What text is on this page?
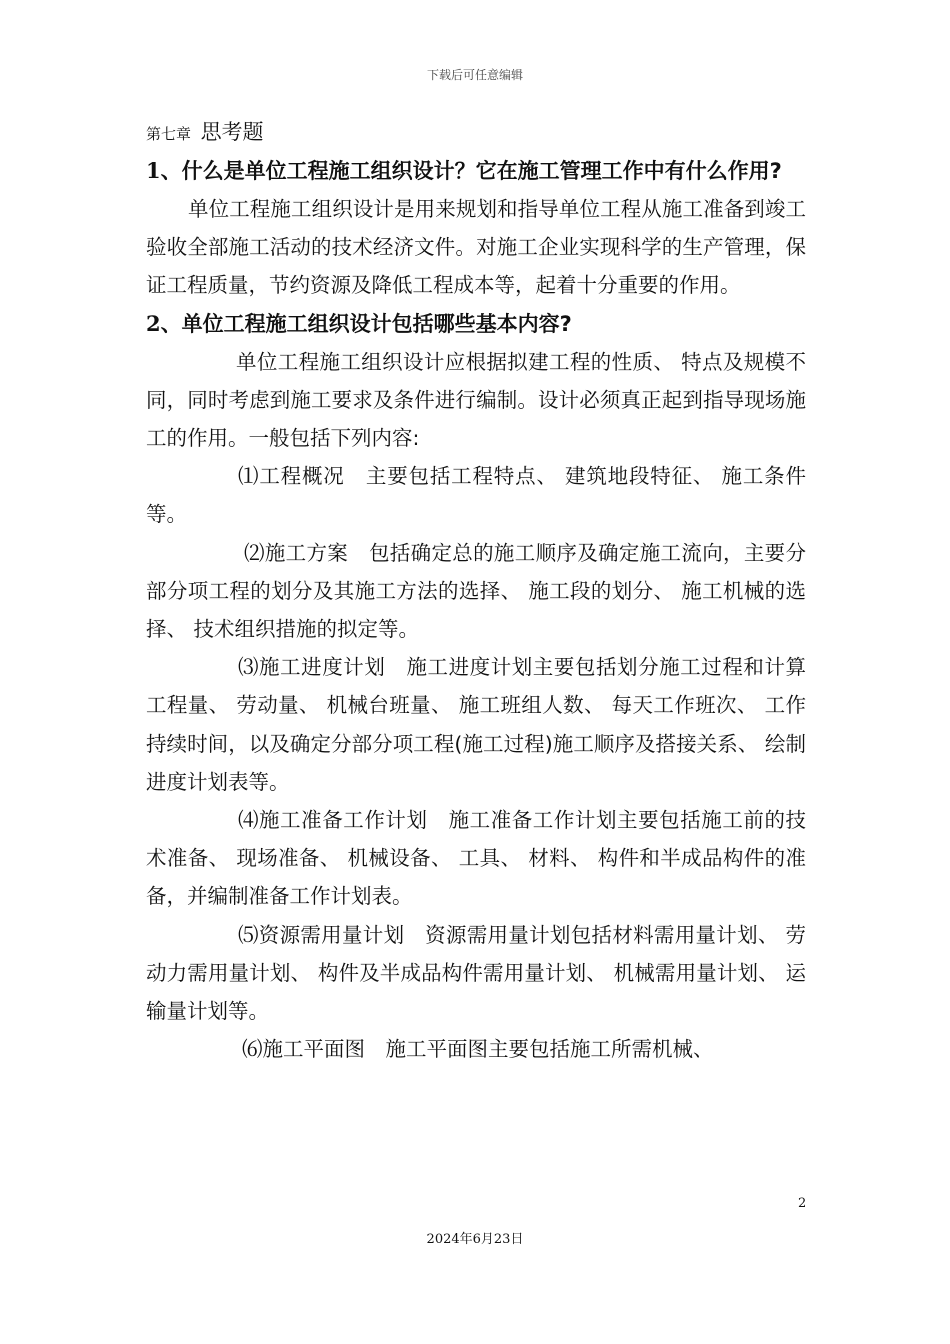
下载后可任意编辑
第七章 思考题

1、什么是单位工程施工组织设计？它在施工管理工作中有什么作用?

单位工程施工组织设计是用来规划和指导单位工程从施工准备到竣工验收全部施工活动的技术经济文件。对施工企业实现科学的生产管理，保证工程质量，节约资源及降低工程成本等，起着十分重要的作用。

2、单位工程施工组织设计包括哪些基本内容?

单位工程施工组织设计应根据拟建工程的性质、 特点及规模不同，同时考虑到施工要求及条件进行编制。设计必须真正起到指导现场施工的作用。一般包括下列内容:

⑴工程概况　主要包括工程特点、 建筑地段特征、 施工条件等。

⑵施工方案　包括确定总的施工顺序及确定施工流向，主要分部分项工程的划分及其施工方法的选择、 施工段的划分、 施工机械的选择、 技术组织措施的拟定等。

⑶施工进度计划　施工进度计划主要包括划分施工过程和计算工程量、 劳动量、 机械台班量、 施工班组人数、 每天工作班次、 工作持续时间，以及确定分部分项工程(施工过程)施工顺序及搭接关系、 绘制进度计划表等。

⑷施工准备工作计划　施工准备工作计划主要包括施工前的技术准备、 现场准备、 机械设备、 工具、 材料、 构件和半成品构件的准备，并编制准备工作计划表。

⑸资源需用量计划　资源需用量计划包括材料需用量计划、 劳动力需用量计划、 构件及半成品构件需用量计划、 机械需用量计划、 运输量计划等。

⑹施工平面图　施工平面图主要包括施工所需机械、

2
2024年6月23日
